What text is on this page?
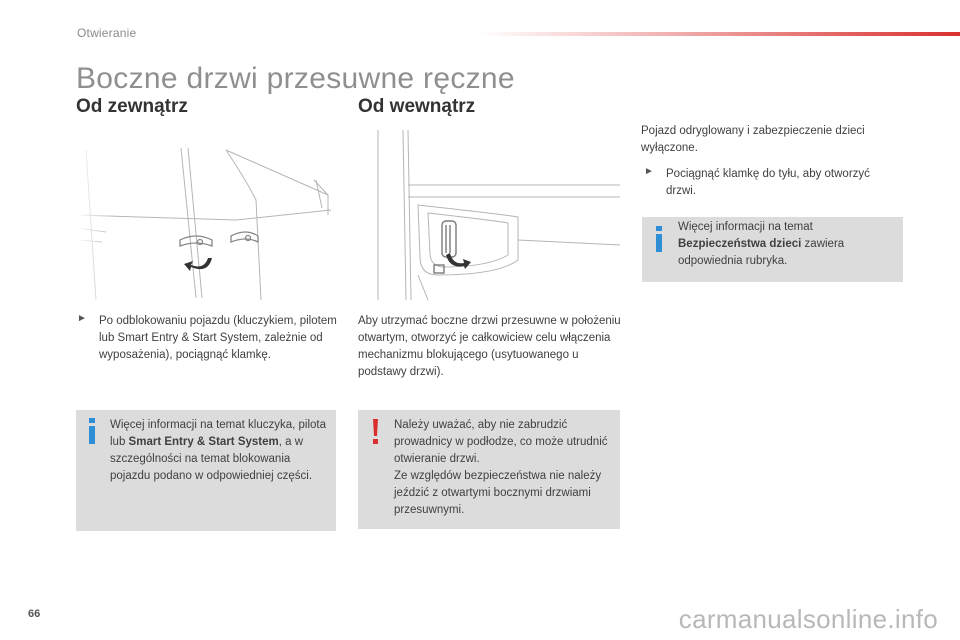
Otwieranie
Boczne drzwi przesuwne ręczne
Od zewnątrz	Od wewnątrz
► Po odblokowaniu pojazdu (kluczykiem, pilotem lub Smart Entry & Start System, zależnie od wyposażenia), pociągnąć klamkę.

Więcej informacji na temat kluczyka, pilota lub Smart Entry & Start System, a w szczególności na temat blokowania pojazdu podano w odpowiedniej części.

Aby utrzymać boczne drzwi przesuwne w położeniu otwartym, otworzyć je całkowiciew celu włączenia mechanizmu blokującego (usytuowanego u podstawy drzwi).

Należy uważać, aby nie zabrudzić prowadnicy w podłodze, co może utrudnić otwieranie drzwi.
Ze względów bezpieczeństwa nie należy jeździć z otwartymi bocznymi drzwiami przesuwnymi.

Pojazd odryglowany i zabezpieczenie dzieci wyłączone.

► Pociągnąć klamkę do tyłu, aby otworzyć drzwi.

Więcej informacji na temat Bezpieczeństwa dzieci zawiera odpowiednia rubryka.
66	carmanualsonline.info
